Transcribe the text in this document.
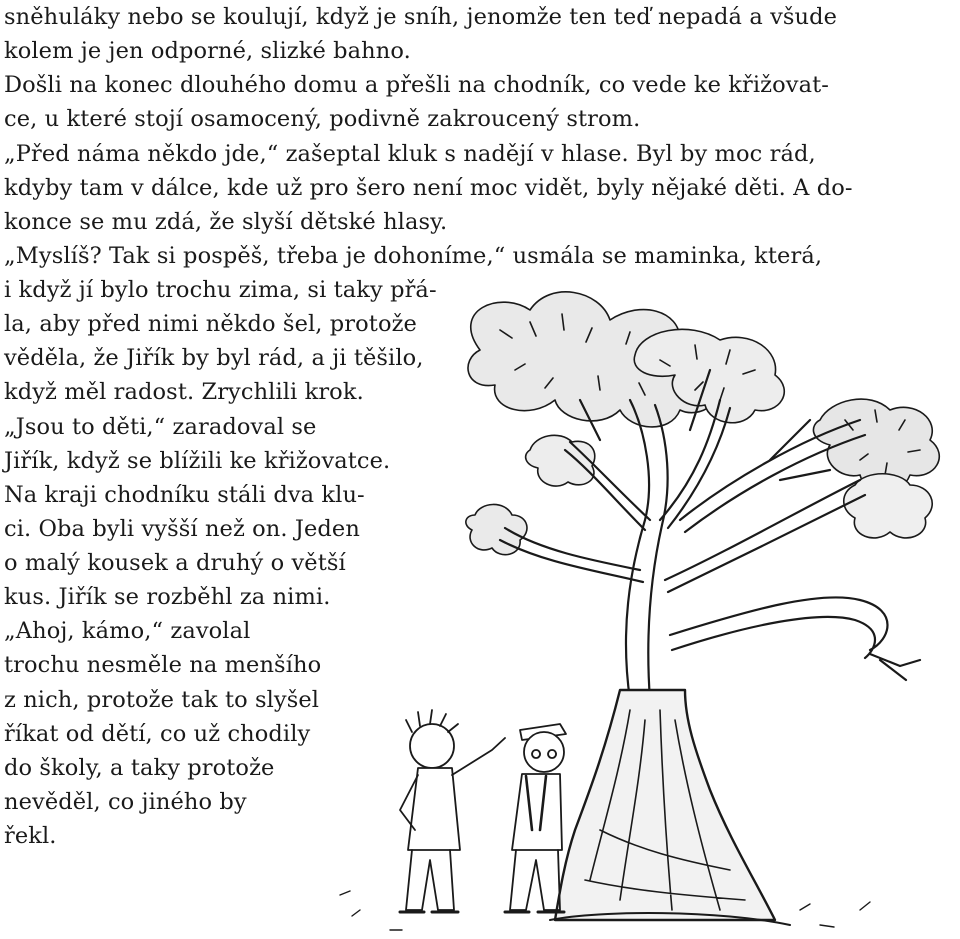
sněhuláky nebo se koulují, když je sníh, jenomže ten teď nepadá a všude

kolem je jen odporné, slizké bahno.

Došli na konec dlouhého domu a přešli na chodník, co vede ke křižovat-

ce, u které stojí osamocený, podivně zakroucený strom.

„Před náma někdo jde,“ zašeptal kluk s nadějí v hlase. Byl by moc rád,

kdyby tam v dálce, kde už pro šero není moc vidět, byly nějaké děti. A do-

konce se mu zdá, že slyší dětské hlasy.

„Myslíš? Tak si pospěš, třeba je dohoníme,“ usmála se maminka, která,

i když jí bylo trochu zima, si taky přá-

la, aby před nimi někdo šel, protože

věděla, že Jiřík by byl rád, a ji těšilo,

když měl radost. Zrychlili krok.

„Jsou to děti,“ zaradoval se

Jiřík, když se blížili ke křižovatce.

Na kraji chodníku stáli dva klu-

ci. Oba byli vyšší než on. Jeden

o malý kousek a druhý o větší

kus. Jiřík se rozběhl za nimi.

„Ahoj, kámo,“ zavolal

trochu nesměle na menšího

z nich, protože tak to slyšel

říkat od dětí, co už chodily

do školy, a taky protože

nevěděl, co jiného by

řekl.
